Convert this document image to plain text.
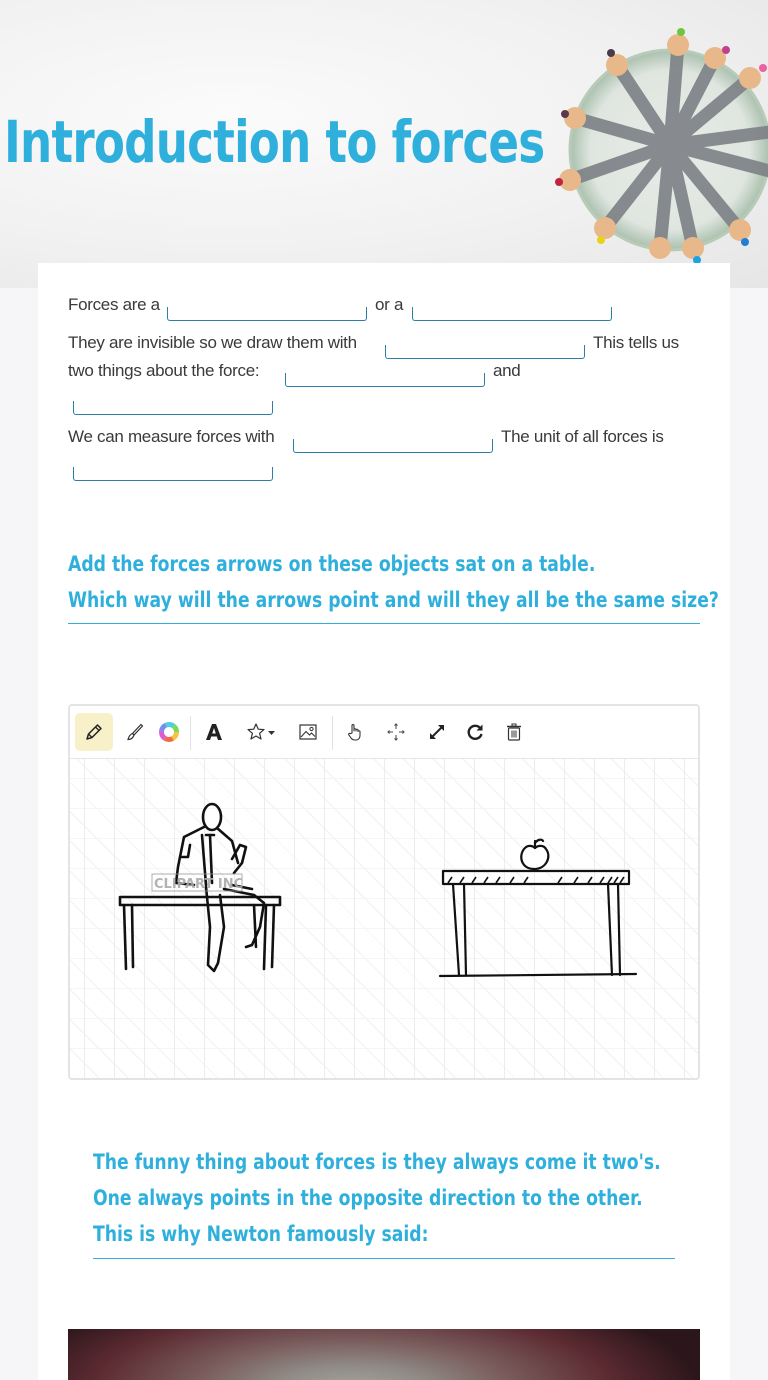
Introduction to forces
Forces are a	or a
They are invisible so we draw them with	This tells us
two things about the force:	and
We can measure forces with	The unit of all forces is
Add the forces arrows on these objects sat on a table.
Which way will the arrows point and will they all be the same size?
CLIPART INC
The funny thing about forces is they always come it two's.
One always points in the opposite direction to the other.
This is why Newton famously said:
